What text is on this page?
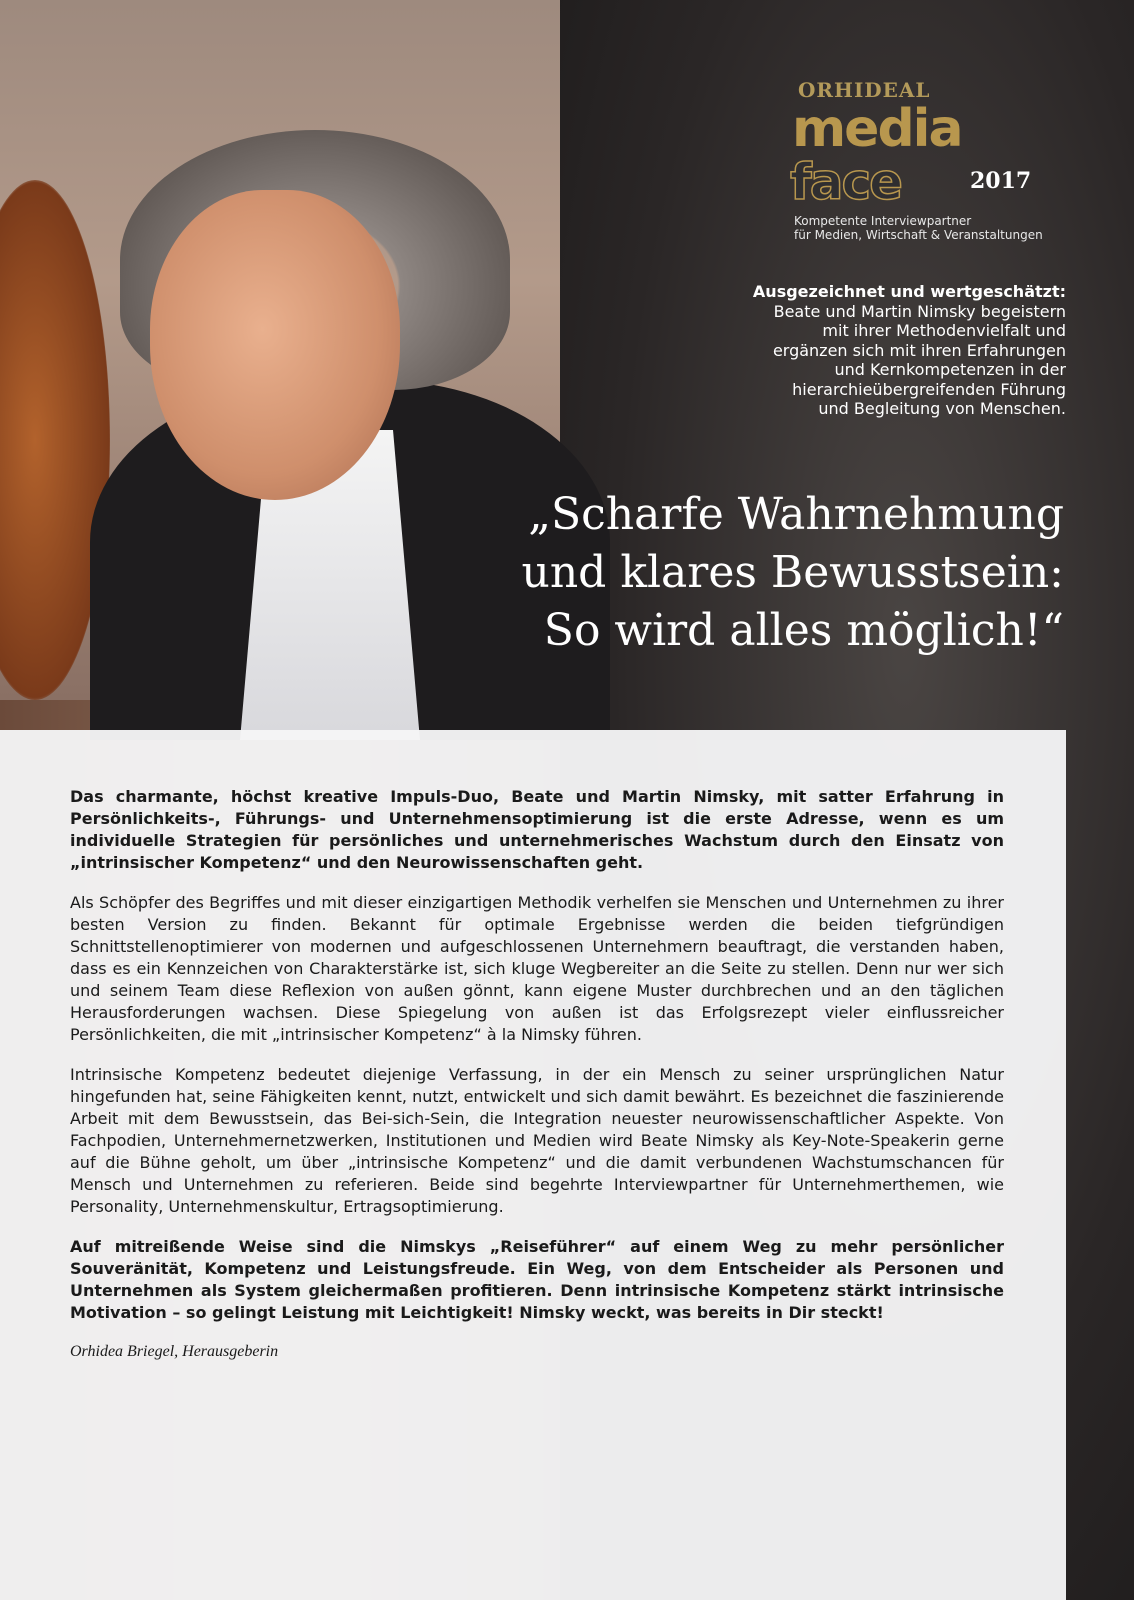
ORHIDEAL
media
face	2017
Kompetente Interviewpartner
für Medien, Wirtschaft & Veranstaltungen
Ausgezeichnet und wertgeschätzt:
Beate und Martin Nimsky begeistern
mit ihrer Methodenvielfalt und
ergänzen sich mit ihren Erfahrungen
und Kernkompetenzen in der
hierarchieübergreifenden Führung
und Begleitung von Menschen.
„Scharfe Wahrnehmung
und klares Bewusstsein:
So wird alles möglich!“

Das charmante, höchst kreative Impuls-Duo, Beate und Martin Nimsky, mit satter Erfahrung in Persönlichkeits-, Führungs- und Unternehmensoptimierung ist die erste Adresse, wenn es um individuelle Strategien für persönliches und unternehmerisches Wachstum durch den Einsatz von „intrinsischer Kompetenz“ und den Neurowissenschaften geht.

Als Schöpfer des Begriffes und mit dieser einzigartigen Methodik verhelfen sie Menschen und Unternehmen zu ihrer besten Version zu finden. Bekannt für optimale Ergebnisse werden die beiden tiefgründigen Schnittstellenoptimierer von modernen und aufgeschlossenen Unternehmern beauftragt, die verstanden haben, dass es ein Kennzeichen von Charakterstärke ist, sich kluge Wegbereiter an die Seite zu stellen. Denn nur wer sich und seinem Team diese Reflexion von außen gönnt, kann eigene Muster durchbrechen und an den täglichen Herausforderungen wachsen. Diese Spiegelung von außen ist das Erfolgsrezept vieler einflussreicher Persönlichkeiten, die mit „intrinsischer Kompetenz“ à la Nimsky führen.

Intrinsische Kompetenz bedeutet diejenige Verfassung, in der ein Mensch zu seiner ursprünglichen Natur hingefunden hat, seine Fähigkeiten kennt, nutzt, entwickelt und sich damit bewährt. Es bezeichnet die faszinierende Arbeit mit dem Bewusstsein, das Bei-sich-Sein, die Integration neuester neurowissenschaftlicher Aspekte. Von Fachpodien, Unternehmernetzwerken, Institutionen und Medien wird Beate Nimsky als Key-Note-Speakerin gerne auf die Bühne geholt, um über „intrinsische Kompetenz“ und die damit verbundenen Wachstumschancen für Mensch und Unternehmen zu referieren. Beide sind begehrte Interviewpartner für Unternehmerthemen, wie Personality, Unternehmenskultur, Ertragsoptimierung.

Auf mitreißende Weise sind die Nimskys „Reiseführer“ auf einem Weg zu mehr persönlicher Souveränität, Kompetenz und Leistungsfreude. Ein Weg, von dem Entscheider als Personen und Unternehmen als System gleichermaßen profitieren. Denn intrinsische Kompetenz stärkt intrinsische Motivation – so gelingt Leistung mit Leichtigkeit! Nimsky weckt, was bereits in Dir steckt!

Orhidea Briegel, Herausgeberin
